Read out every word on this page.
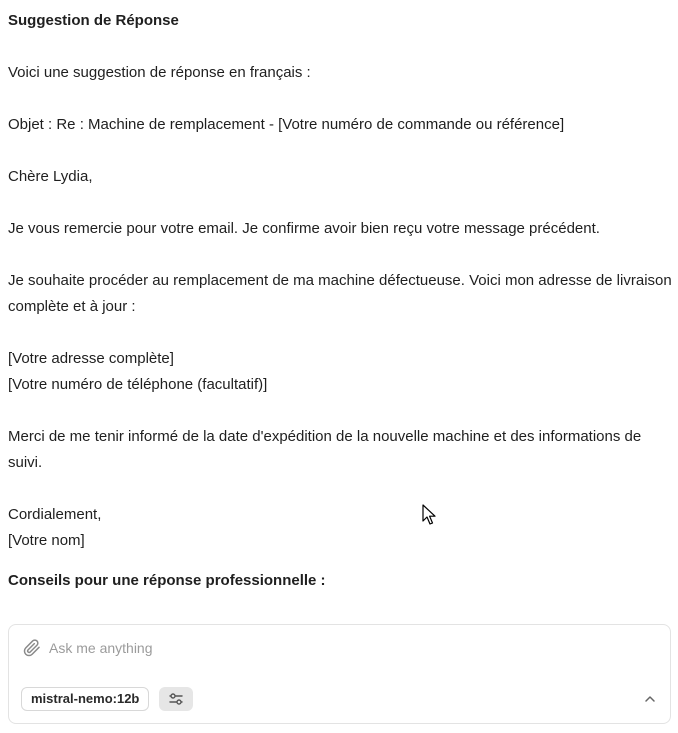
Suggestion de Réponse

Voici une suggestion de réponse en français :

Objet : Re : Machine de remplacement - [Votre numéro de commande ou référence]

Chère Lydia,

Je vous remercie pour votre email. Je confirme avoir bien reçu votre message précédent.

Je souhaite procéder au remplacement de ma machine défectueuse. Voici mon adresse de livraison complète et à jour :

[Votre adresse complète]

[Votre numéro de téléphone (facultatif)]

Merci de me tenir informé de la date d'expédition de la nouvelle machine et des informations de suivi.

Cordialement,

[Votre nom]

Conseils pour une réponse professionnelle :

Ask me anything
mistral-nemo:12b
